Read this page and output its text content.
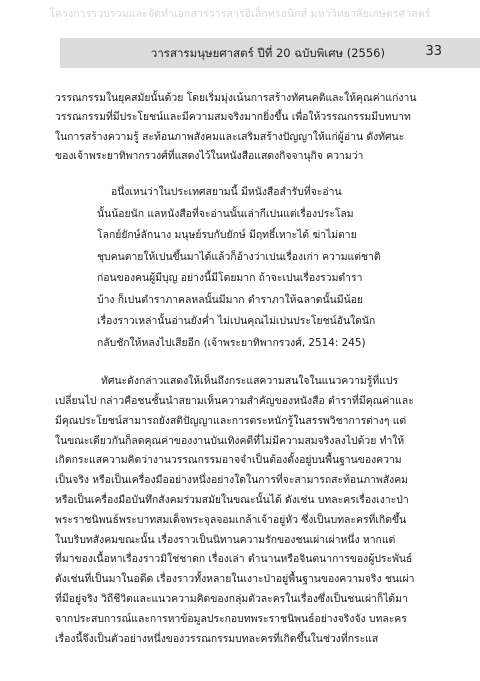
โครงการรวบรวมและจัดทำเอกสารวารสารอิเล็กทรอนิกส์ มหาวิทยาลัยเกษตรศาสตร์
วารสารมนุษยศาสตร์ ปีที่ 20 ฉบับพิเศษ (2556)	33
วรรณกรรมในยุคสมัยนั้นด้วย โดยเริ่มมุ่งเน้นการสร้างทัศนคติและให้คุณค่าแก่งาน
วรรณกรรมที่มีประโยชน์และมีความสมจริงมากยิ่งขึ้น เพื่อให้วรรณกรรมมีบทบาท
ในการสร้างความรู้ สะท้อนภาพสังคมและเสริมสร้างปัญญาให้แก่ผู้อ่าน ดังทัศนะ
ของเจ้าพระยาทิพากรวงศ์ที่แสดงไว้ในหนังสือแสดงกิจจานุกิจ ความว่า
อนึ่งเหนว่าในประเทศสยามนี้ มีหนังสือสำรับที่จะอ่าน
นั้นน้อยนัก แลหนังสือที่จะอ่านนั้นเล่ากีเปนแต่เรื่องประโลม
โลกย์ยักษ์ลักนาง มนุษย์รบกับยักษ์ มีฤทธิ์เหาะได้ ฆ่าไม่ตาย
ชุบคนตายให้เปนขึ้นมาได้แล้วก็อ้างว่าเปนเรื่องเก่า ความแต่ชาติ
ก่อนของคนผู้มีบุญ อย่างนี้มีโดยมาก ถ้าจะเปนเรื่องรวมตำรา
บ้าง ก็เปนตำราภาคลหลนั้นมีมาก ตำราภาให้ฉลาดนั้นมีน้อย
เรื่องราวเหล่านั้นอ่านยังค่ำ ไม่เปนคุณไม่เปนประโยชน์อันใดนัก
กลับชักให้หลงไปเสียอีก (เจ้าพระยาทิพากรวงศ์, 2514: 245)
ทัศนะดังกล่าวแสดงให้เห็นถึงกระแสความสนใจในแนวความรู้ที่แปร
เปลี่ยนไป กล่าวคือชนชั้นนำสยามเห็นความสำคัญของหนังสือ ตำราที่มีคุณค่าและ
มีคุณประโยชน์สามารถยังสติปัญญาและการตระหนักรู้ในสรรพวิชาการต่างๆ แต่
ในขณะเดียวกันก็ลดคุณค่าของงานบันเทิงคดีที่ไม่มีความสมจริงลงไปด้วย ทำให้
เกิดกระแสความคิดว่างานวรรณกรรมอาจจำเป็นต้องตั้งอยู่บนพื้นฐานของความ
เป็นจริง หรือเป็นเครื่องมืออย่างหนึ่งอย่างใดในการที่จะสามารถสะท้อนภาพสังคม
หรือเป็นเครื่องมือบันทึกสังคมร่วมสมัยในขณะนั้นได้ ดังเช่น บทละครเรื่องเงาะป่า
พระราชนิพนธ์พระบาทสมเด็จพระจุลจอมเกล้าเจ้าอยู่หัว ซึ่งเป็นบทละครที่เกิดขึ้น
ในบริบทสังคมขณะนั้น เรื่องราวเป็นนิทานความรักของชนเผ่าเผ่าหนึ่ง หากแต่
ที่มาของเนื้อหาเรื่องราวมิใช่ชาดก เรื่องเล่า ตำนานหรือจินตนาการของผู้ประพันธ์
ดังเช่นที่เป็นมาในอดีต เรื่องราวทั้งหลายในเงาะป่าอยู่พื้นฐานของความจริง ชนเผ่า
ที่มีอยู่จริง วิถีชีวิตและแนวความคิดของกลุ่มตัวละครในเรื่องซึ่งเป็นชนเผ่าก็ได้มา
จากประสบการณ์และการหาข้อมูลประกอบทพระราชนิพนธ์อย่างจริงจัง บทละคร
เรื่องนี้จึงเป็นตัวอย่างหนึ่งของวรรณกรรมบทละครที่เกิดขึ้นในช่วงที่กระแส
